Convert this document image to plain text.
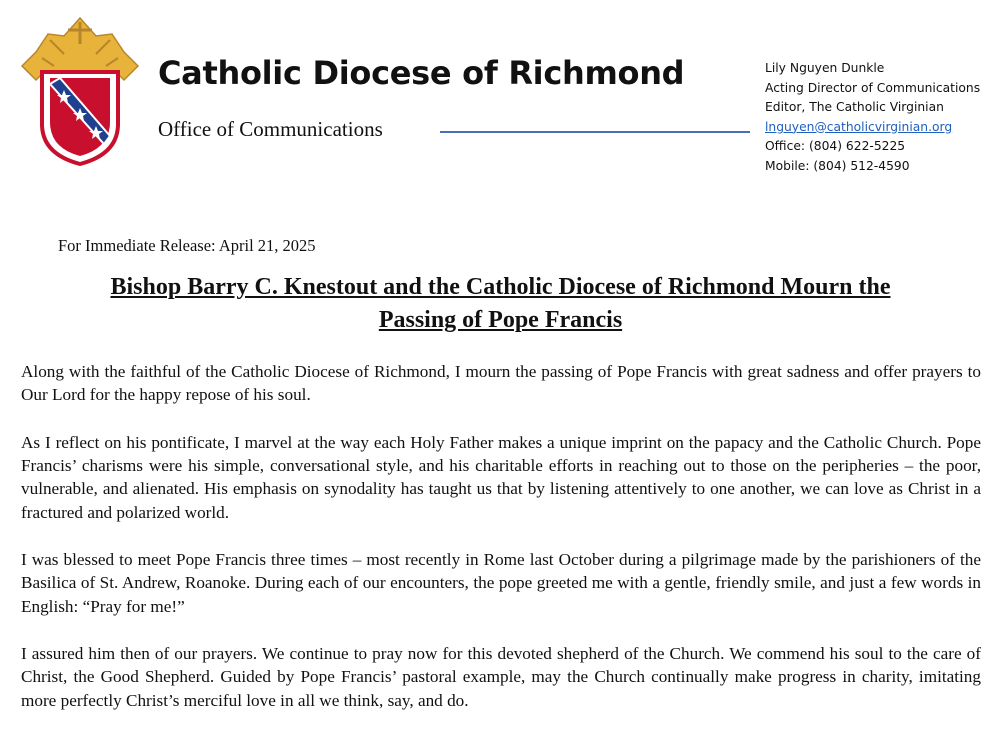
Catholic Diocese of Richmond
Office of Communications
Lily Nguyen Dunkle
Acting Director of Communications
Editor, The Catholic Virginian
lnguyen@catholicvirginian.org
Office: (804) 622-5225
Mobile: (804) 512-4590
For Immediate Release: April 21, 2025
Bishop Barry C. Knestout and the Catholic Diocese of Richmond Mourn the
Passing of Pope Francis

Along with the faithful of the Catholic Diocese of Richmond, I mourn the passing of Pope Francis with great sadness and offer prayers to Our Lord for the happy repose of his soul.

As I reflect on his pontificate, I marvel at the way each Holy Father makes a unique imprint on the papacy and the Catholic Church. Pope Francis’ charisms were his simple, conversational style, and his charitable efforts in reaching out to those on the peripheries – the poor, vulnerable, and alienated. His emphasis on synodality has taught us that by listening attentively to one another, we can love as Christ in a fractured and polarized world.

I was blessed to meet Pope Francis three times – most recently in Rome last October during a pilgrimage made by the parishioners of the Basilica of St. Andrew, Roanoke. During each of our encounters, the pope greeted me with a gentle, friendly smile, and just a few words in English: “Pray for me!”

I assured him then of our prayers. We continue to pray now for this devoted shepherd of the Church. We commend his soul to the care of Christ, the Good Shepherd. Guided by Pope Francis’ pastoral example, may the Church continually make progress in charity, imitating more perfectly Christ’s merciful love in all we think, say, and do.
